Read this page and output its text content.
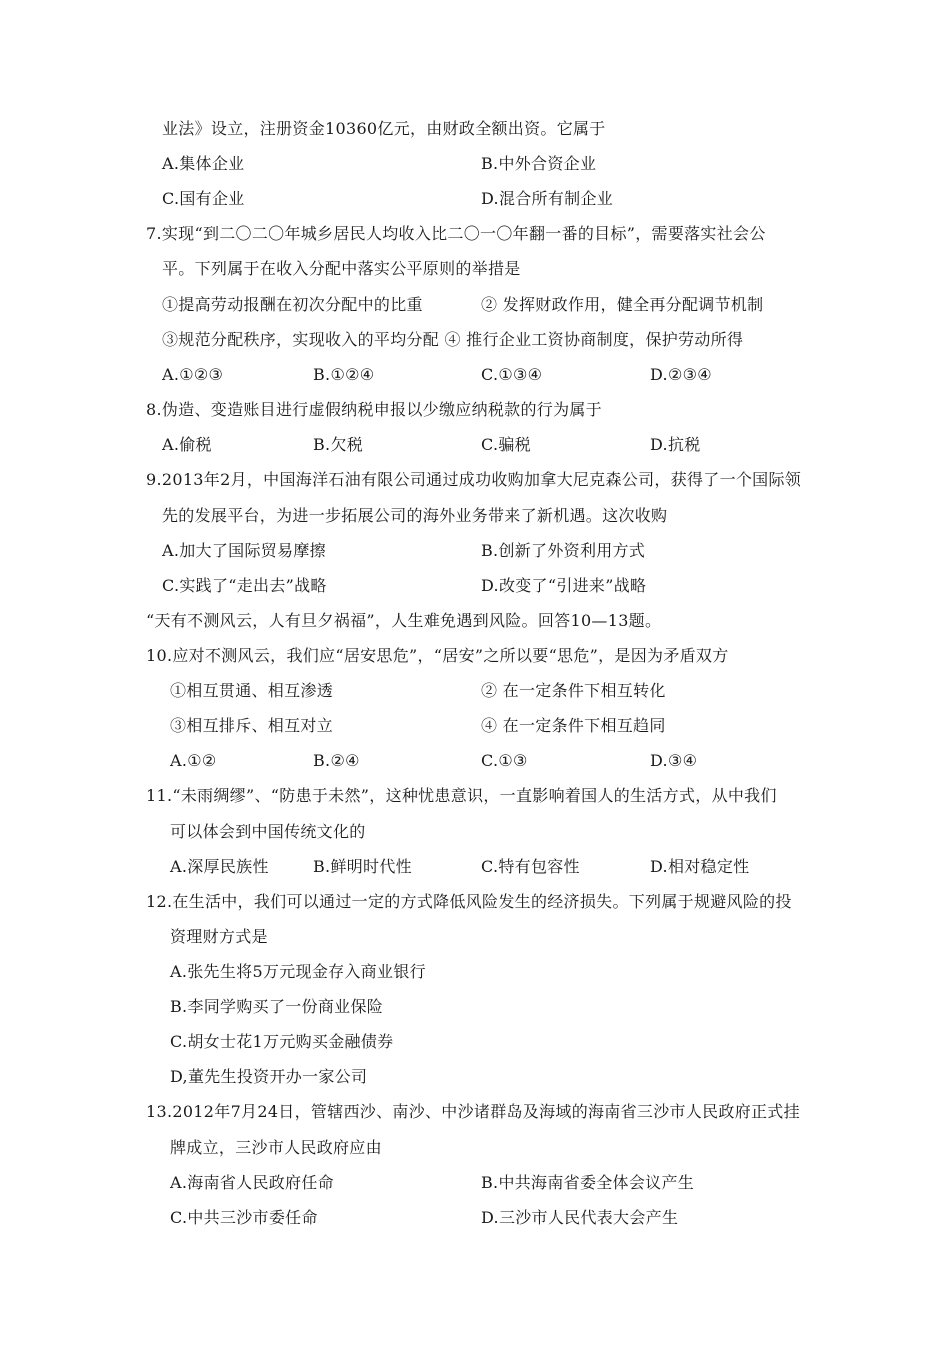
业法》设立，注册资金10360亿元，由财政全额出资。它属于
A.集体企业	B.中外合资企业
C.国有企业	D.混合所有制企业
7.实现“到二〇二〇年城乡居民人均收入比二〇一〇年翻一番的目标”，需要落实社会公
平。下列属于在收入分配中落实公平原则的举措是
①提高劳动报酬在初次分配中的比重	② 发挥财政作用，健全再分配调节机制
③规范分配秩序，实现收入的平均分配 ④ 推行企业工资协商制度，保护劳动所得
A.①②③	B.①②④	C.①③④	D.②③④
8.伪造、变造账目进行虚假纳税申报以少缴应纳税款的行为属于
A.偷税	B.欠税	C.骗税	D.抗税
9.2013年2月，中国海洋石油有限公司通过成功收购加拿大尼克森公司，获得了一个国际领
先的发展平台，为进一步拓展公司的海外业务带来了新机遇。这次收购
A.加大了国际贸易摩擦	B.创新了外资利用方式
C.实践了“走出去”战略	D.改变了“引进来”战略
“天有不测风云，人有旦夕祸福”，人生难免遇到风险。回答10—13题。
10.应对不测风云，我们应“居安思危”，“居安”之所以要“思危”，是因为矛盾双方
①相互贯通、相互渗透	② 在一定条件下相互转化
③相互排斥、相互对立	④ 在一定条件下相互趋同
A.①②	B.②④	C.①③	D.③④
11.“未雨绸缪”、“防患于未然”，这种忧患意识，一直影响着国人的生活方式，从中我们
可以体会到中国传统文化的
A.深厚民族性	B.鲜明时代性	C.特有包容性	D.相对稳定性
12.在生活中，我们可以通过一定的方式降低风险发生的经济损失。下列属于规避风险的投
资理财方式是
A.张先生将5万元现金存入商业银行
B.李同学购买了一份商业保险
C.胡女士花1万元购买金融债券
D,董先生投资开办一家公司
13.2012年7月24日，管辖西沙、南沙、中沙诸群岛及海域的海南省三沙市人民政府正式挂
牌成立，三沙市人民政府应由
A.海南省人民政府任命	B.中共海南省委全体会议产生
C.中共三沙市委任命	D.三沙市人民代表大会产生
